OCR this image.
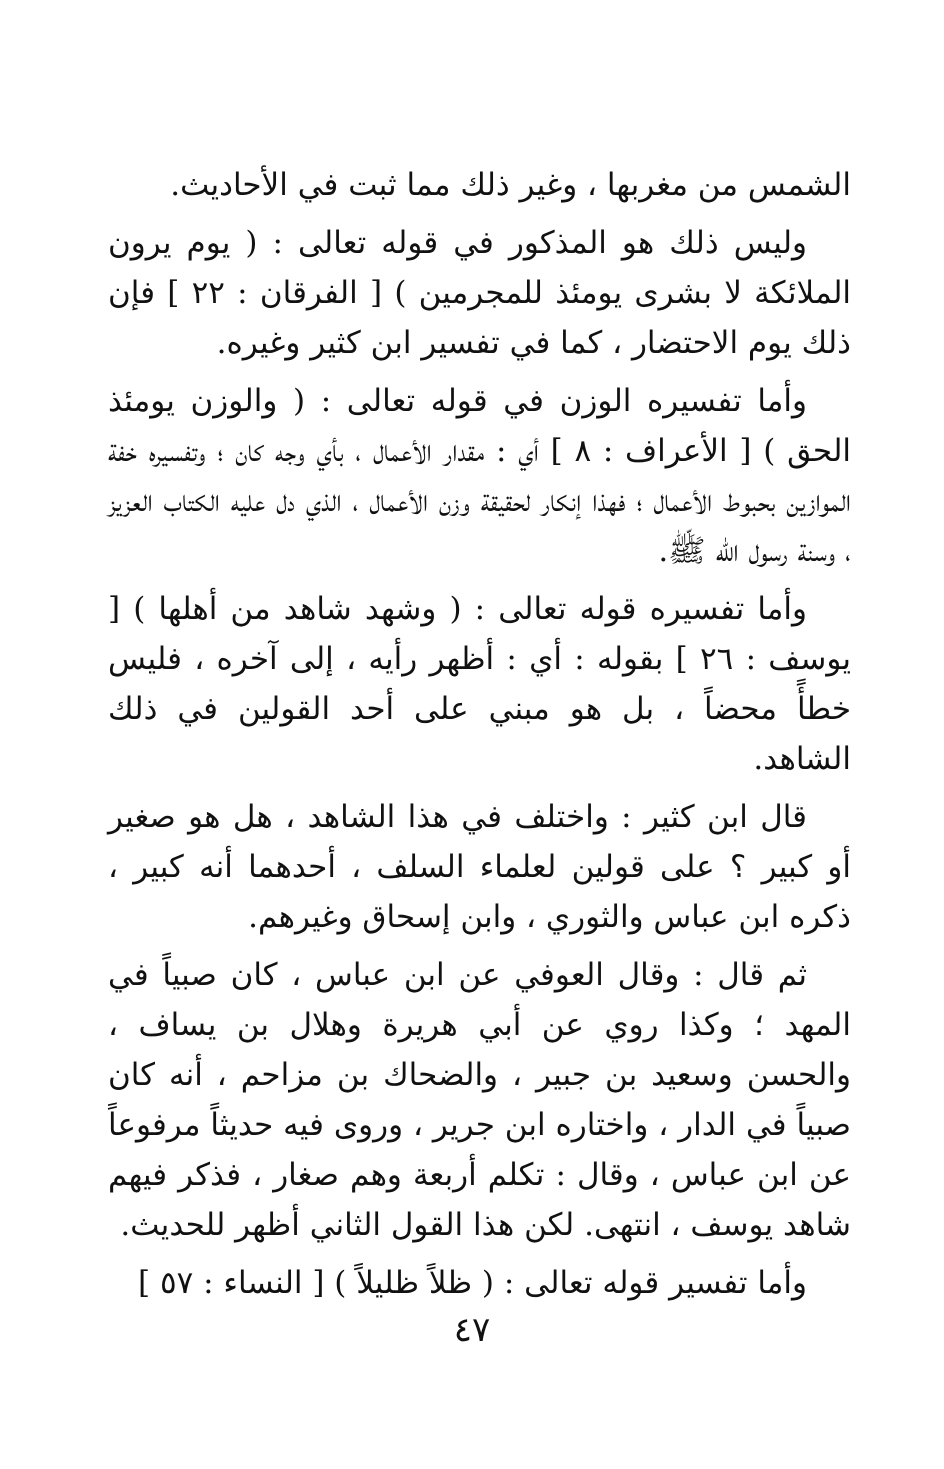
الشمس من مغربها ، وغير ذلك مما ثبت في الأحاديث.

وليس ذلك هو المذكور في قوله تعالى : ( يوم يرون الملائكة لا بشرى يومئذ للمجرمين ) [ الفرقان : ٢٢ ] فإن ذلك يوم الاحتضار ، كما في تفسير ابن كثير وغيره.

وأما تفسيره الوزن في قوله تعالى : ( والوزن يومئذ الحق ) [ الأعراف : ٨ ] أي : مقدار الأعمال ، بأي وجه كان ؛ وتفسيره خفة الموازين بحبوط الأعمال ؛ فهذا إنكار لحقيقة وزن الأعمال ، الذي دل عليه الكتاب العزيز ، وسنة رسول الله ﷺ.

وأما تفسيره قوله تعالى : ( وشهد شاهد من أهلها ) [ يوسف : ٢٦ ] بقوله : أي : أظهر رأيه ، إلى آخره ، فليس خطأً محضاً ، بل هو مبني على أحد القولين في ذلك الشاهد.

قال ابن كثير : واختلف في هذا الشاهد ، هل هو صغير أو كبير ؟ على قولين لعلماء السلف ، أحدهما أنه كبير ، ذكره ابن عباس والثوري ، وابن إسحاق وغيرهم.

ثم قال : وقال العوفي عن ابن عباس ، كان صبياً في المهد ؛ وكذا روي عن أبي هريرة وهلال بن يساف ، والحسن وسعيد بن جبير ، والضحاك بن مزاحم ، أنه كان صبياً في الدار ، واختاره ابن جرير ، وروى فيه حديثاً مرفوعاً عن ابن عباس ، وقال : تكلم أربعة وهم صغار ، فذكر فيهم شاهد يوسف ، انتهى. لكن هذا القول الثاني أظهر للحديث.

وأما تفسير قوله تعالى : ( ظلاً ظليلاً ) [ النساء : ٥٧ ]

٤٧
